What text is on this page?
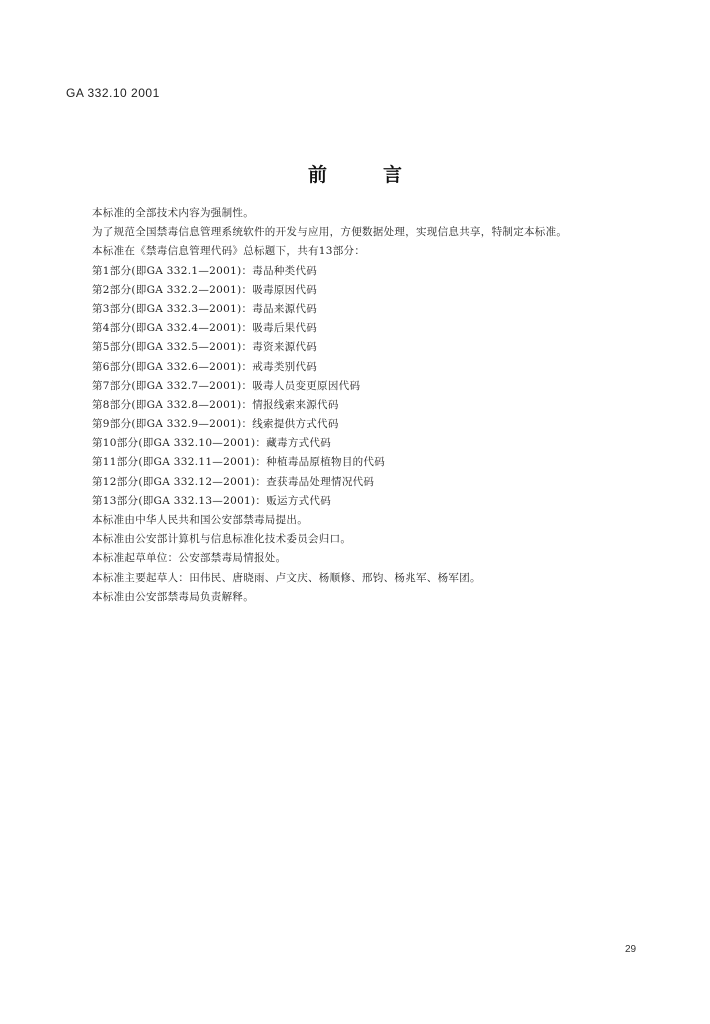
GA 332.10 2001
前言
本标准的全部技术内容为强制性。
为了规范全国禁毒信息管理系统软件的开发与应用，方便数据处理，实现信息共享，特制定本标准。
本标准在《禁毒信息管理代码》总标题下，共有13部分：
第1部分(即GA 332.1—2001)：毒品种类代码
第2部分(即GA 332.2—2001)：吸毒原因代码
第3部分(即GA 332.3—2001)：毒品来源代码
第4部分(即GA 332.4—2001)：吸毒后果代码
第5部分(即GA 332.5—2001)：毒资来源代码
第6部分(即GA 332.6—2001)：戒毒类别代码
第7部分(即GA 332.7—2001)：吸毒人员变更原因代码
第8部分(即GA 332.8—2001)：情报线索来源代码
第9部分(即GA 332.9—2001)：线索提供方式代码
第10部分(即GA 332.10—2001)：藏毒方式代码
第11部分(即GA 332.11—2001)：种植毒品原植物目的代码
第12部分(即GA 332.12—2001)：查获毒品处理情况代码
第13部分(即GA 332.13—2001)：贩运方式代码
本标准由中华人民共和国公安部禁毒局提出。
本标准由公安部计算机与信息标准化技术委员会归口。
本标准起草单位：公安部禁毒局情报处。
本标准主要起草人：田伟民、唐晓雨、卢文庆、杨顺修、邢钧、杨兆军、杨军团。
本标准由公安部禁毒局负责解释。
29
